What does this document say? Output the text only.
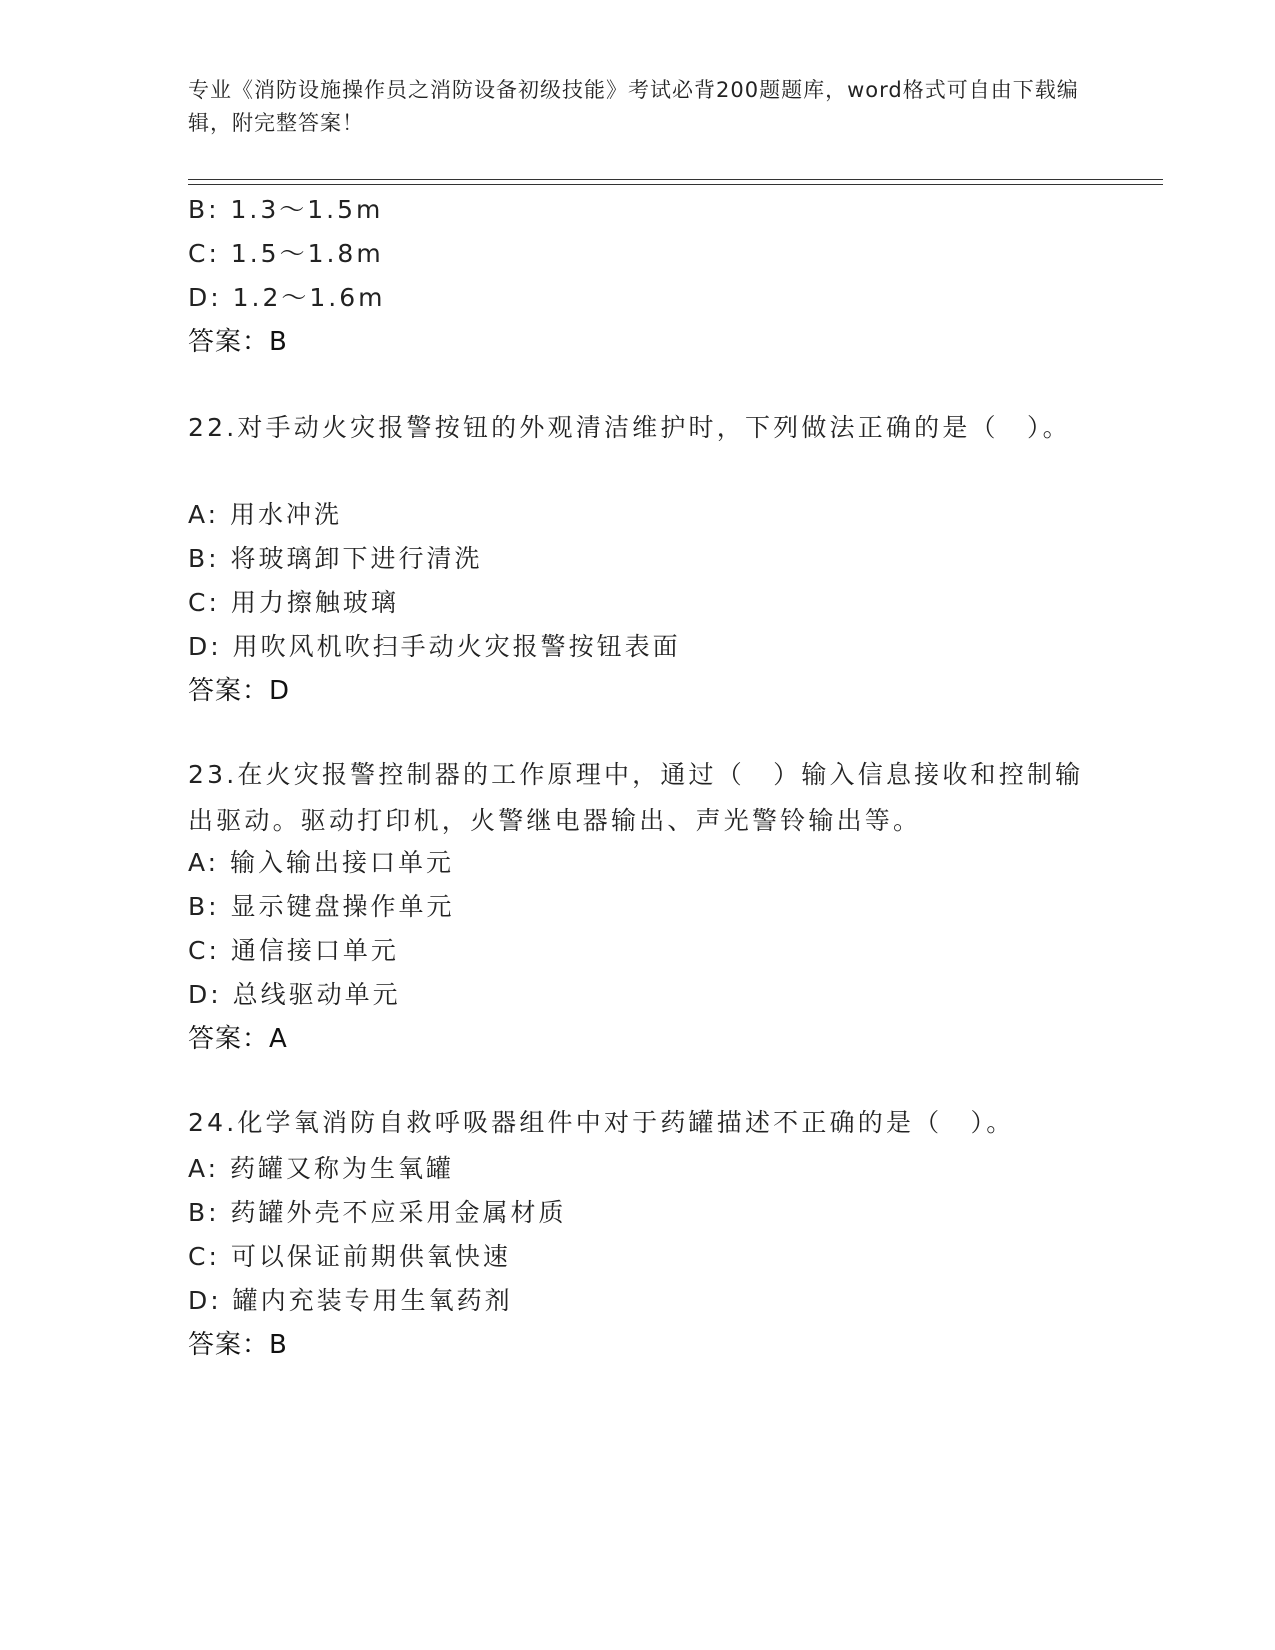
专业《消防设施操作员之消防设备初级技能》考试必背200题题库，word格式可自由下载编辑，附完整答案！
B: 1.3～1.5m
C: 1.5～1.8m
D: 1.2～1.6m
答案：B
22.对手动火灾报警按钮的外观清洁维护时，下列做法正确的是（　）。
A: 用水冲洗
B: 将玻璃卸下进行清洗
C: 用力擦触玻璃
D: 用吹风机吹扫手动火灾报警按钮表面
答案：D
23.在火灾报警控制器的工作原理中，通过（　）输入信息接收和控制输出驱动。驱动打印机，火警继电器输出、声光警铃输出等。
A: 输入输出接口单元
B: 显示键盘操作单元
C: 通信接口单元
D: 总线驱动单元
答案：A
24.化学氧消防自救呼吸器组件中对于药罐描述不正确的是（　）。
A: 药罐又称为生氧罐
B: 药罐外壳不应采用金属材质
C: 可以保证前期供氧快速
D: 罐内充装专用生氧药剂
答案：B
